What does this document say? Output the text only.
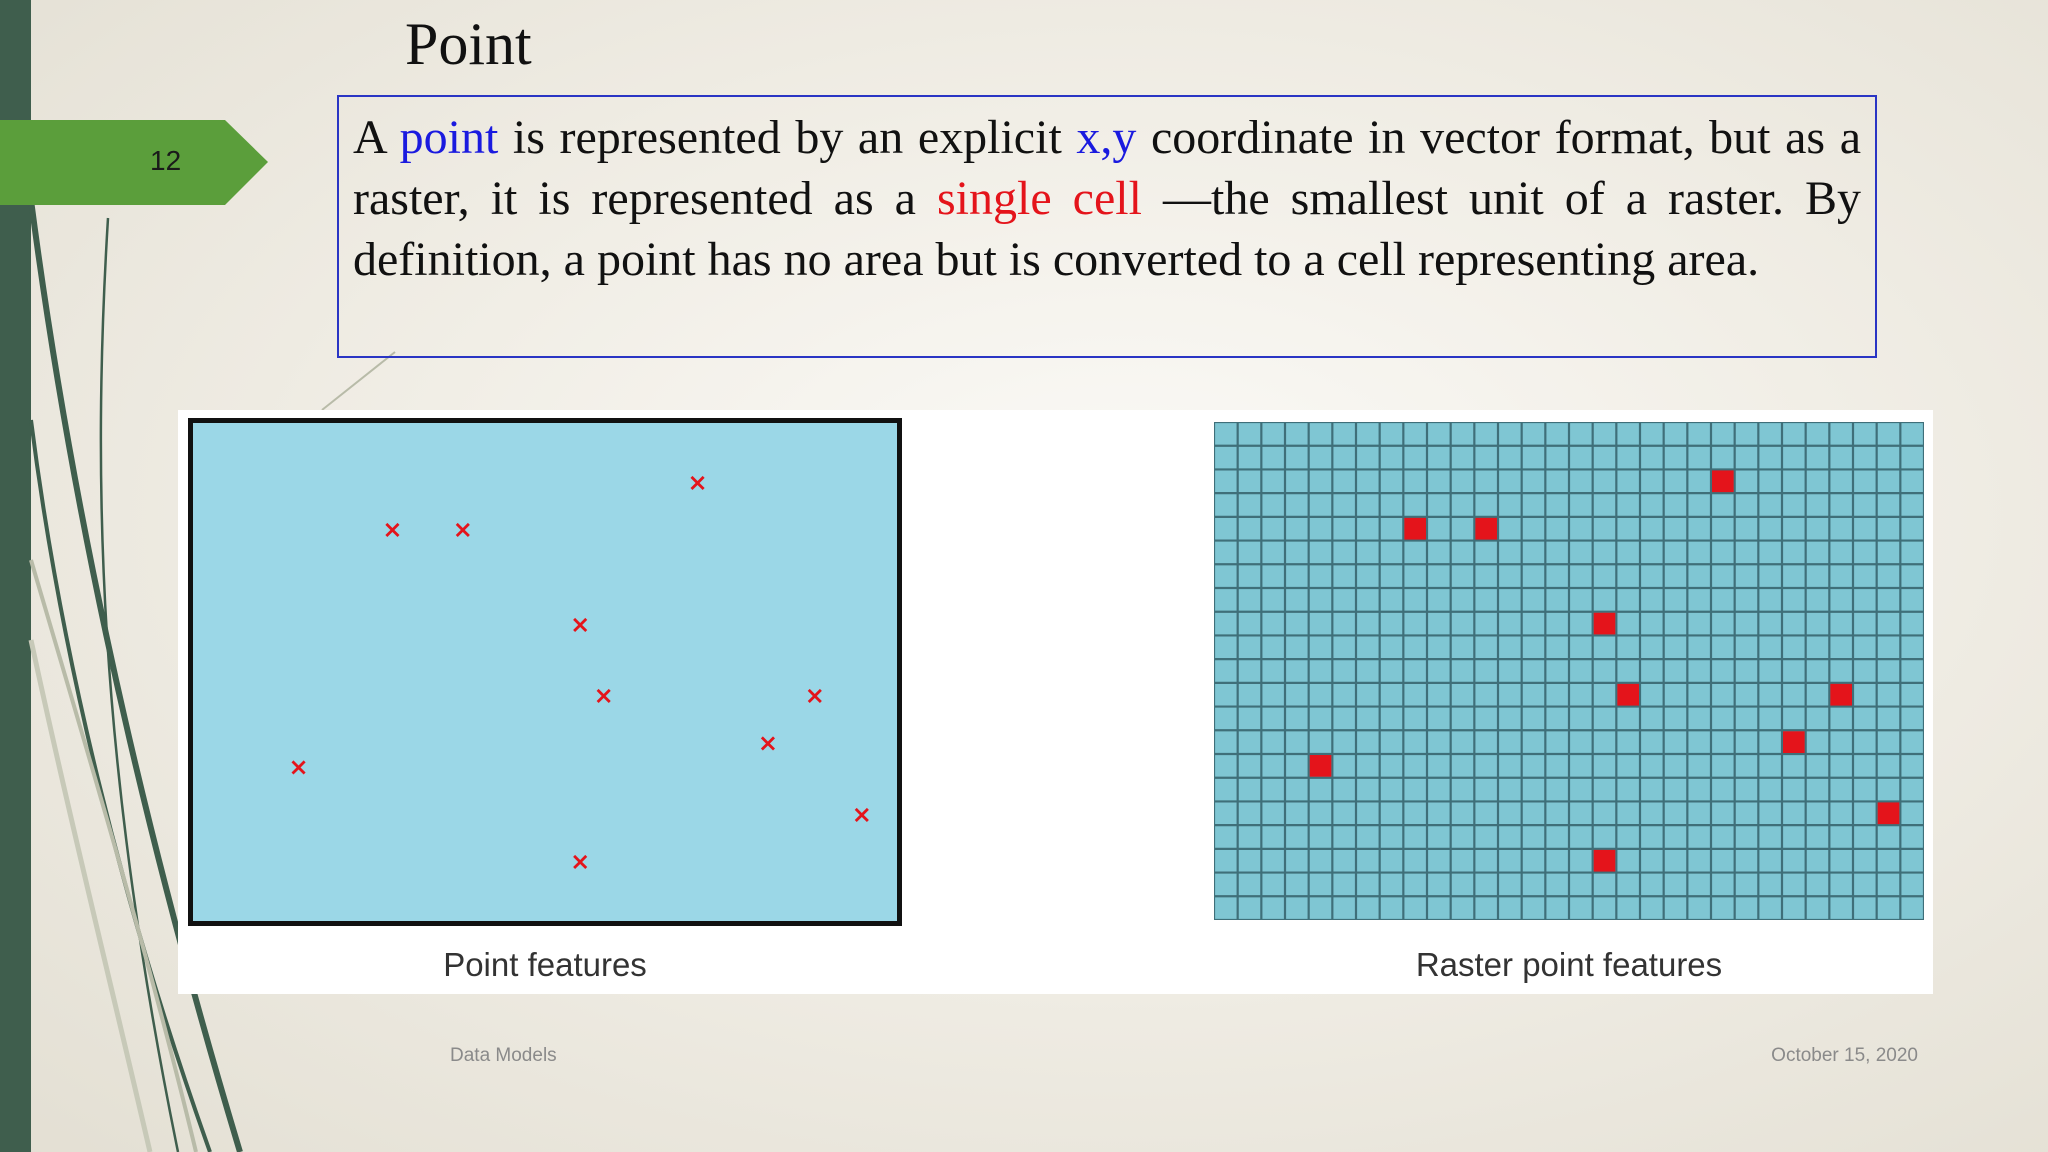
12
Point

A point is represented by an explicit x,y coordinate in vector format, but as a raster, it is represented as a single cell —the smallest unit of a raster. By definition, a point has no area but is converted to a cell representing area.

×
× ×
×
×	×
×
×
×
×
Point features	Raster point features
Data Models	October 15, 2020
